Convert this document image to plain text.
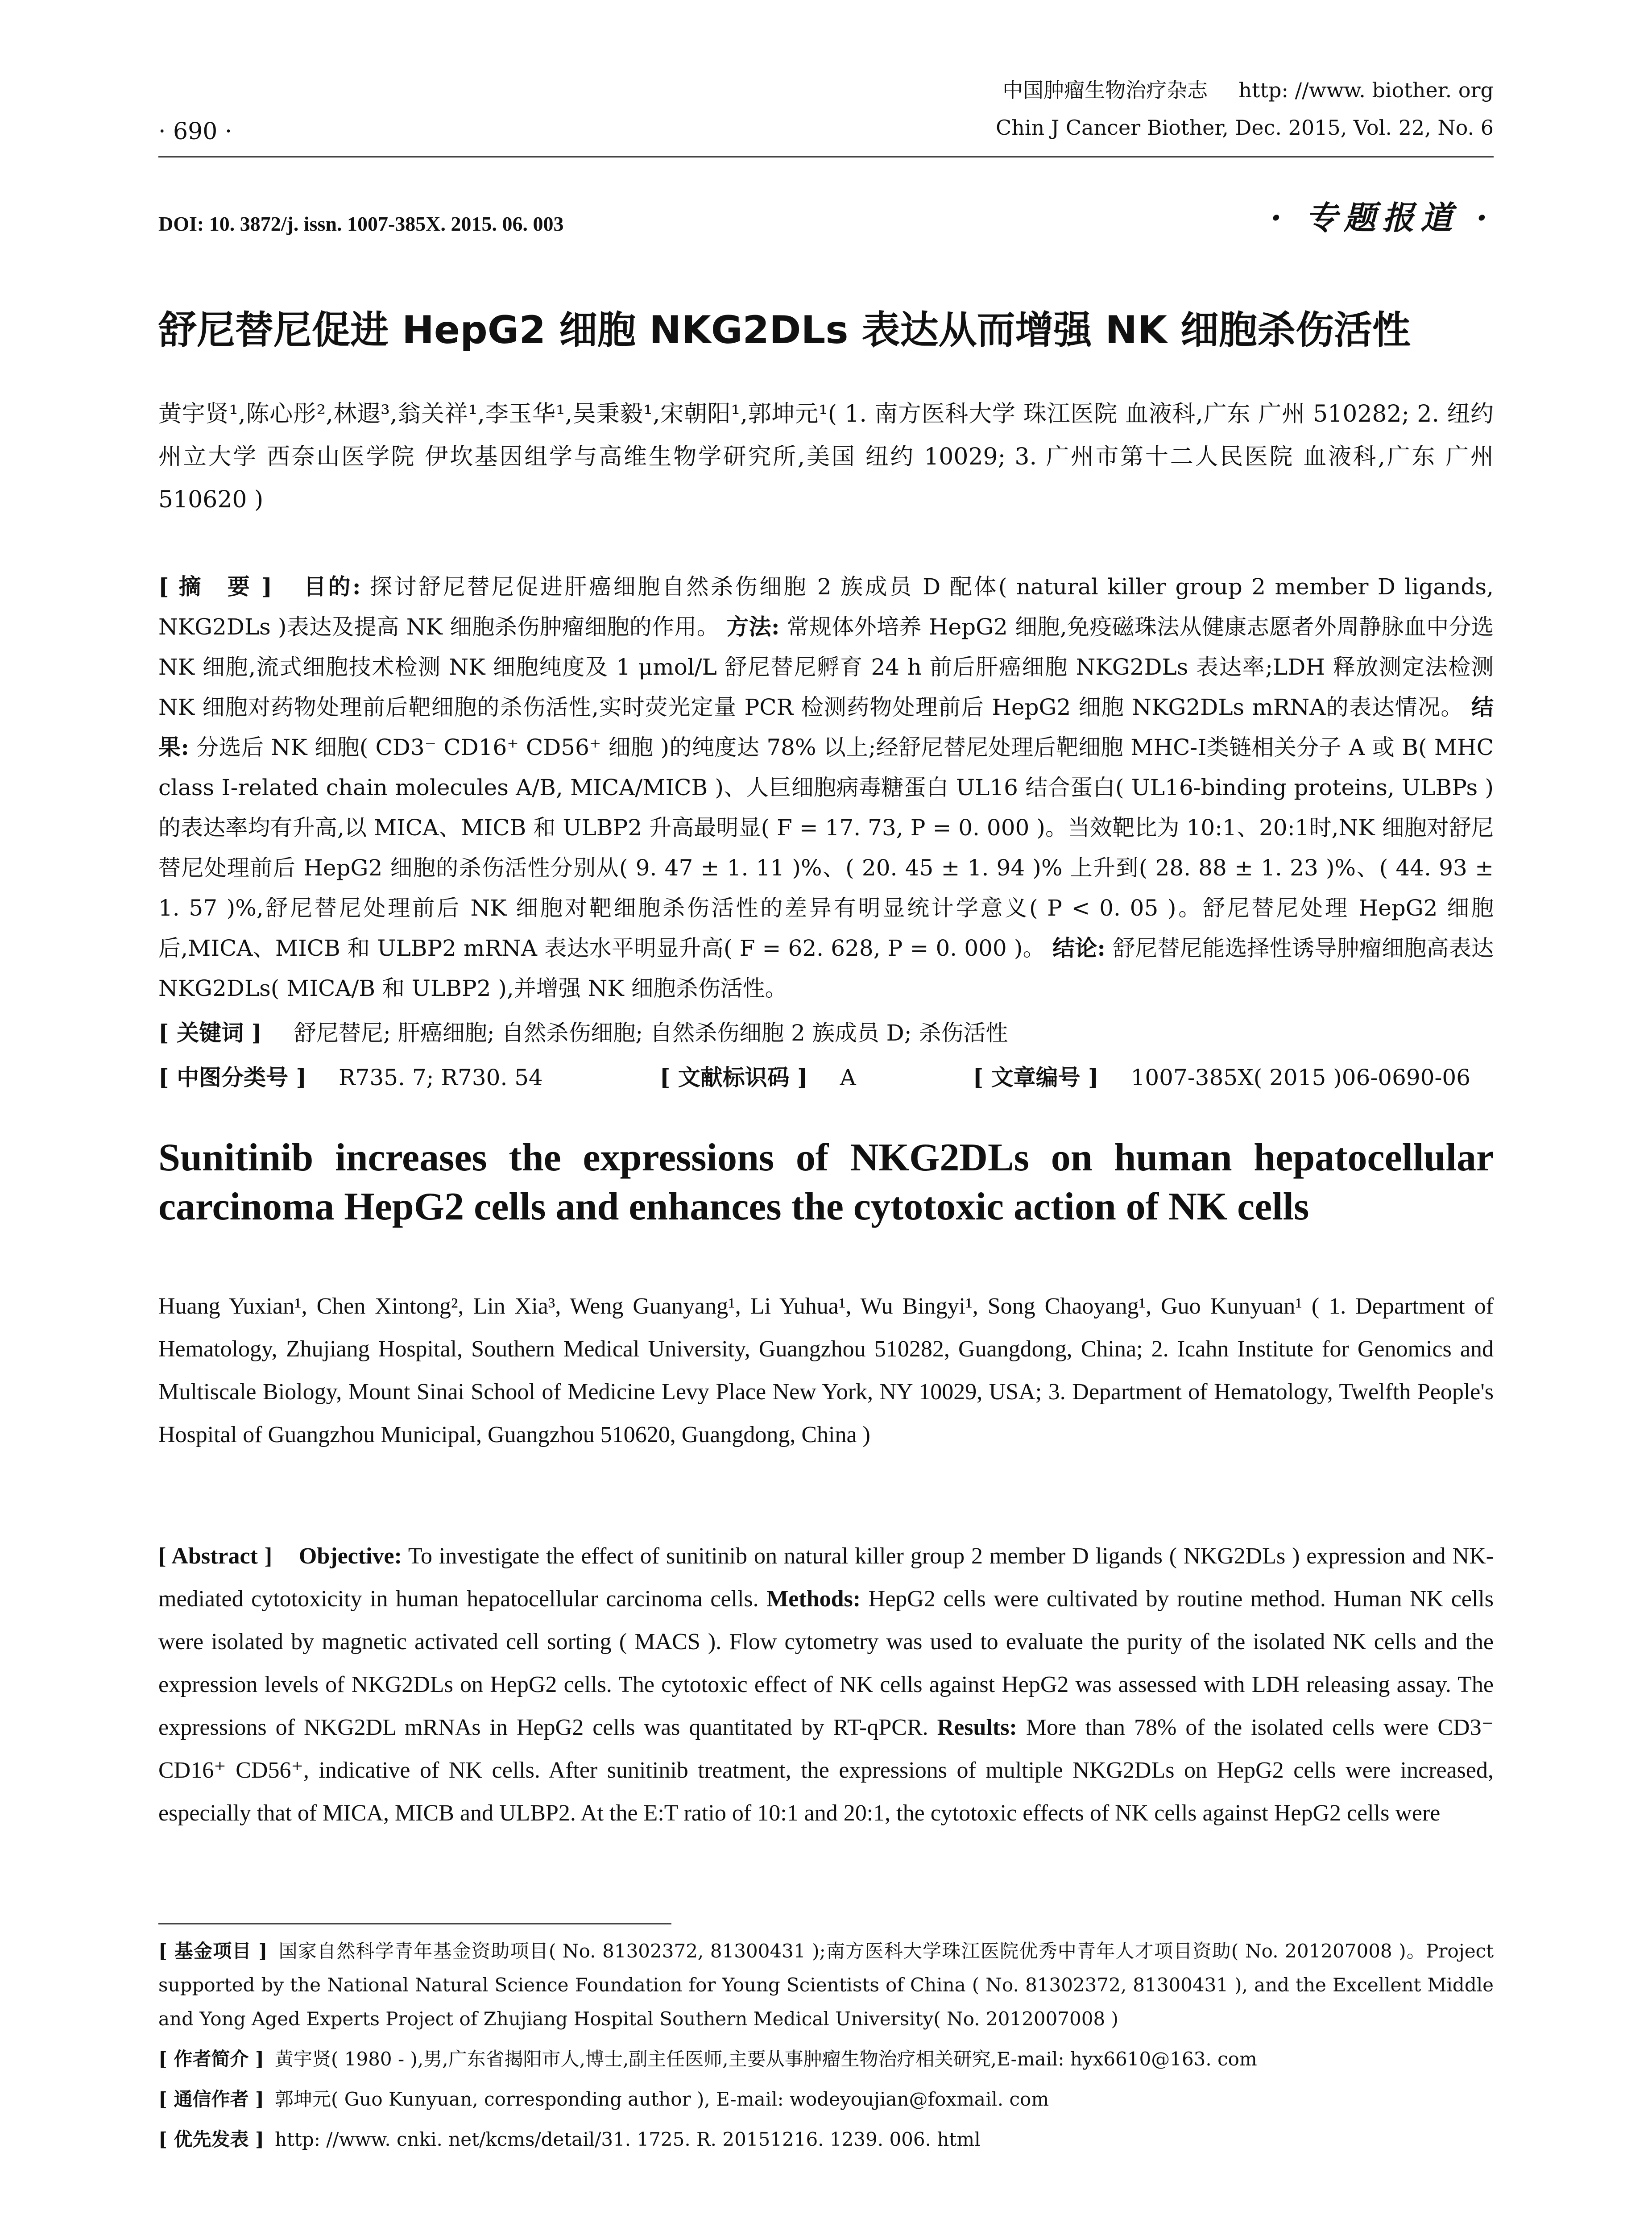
· 690 ·
中国肿瘤生物治疗杂志 http: //www. biother. org
Chin J Cancer Biother, Dec. 2015, Vol. 22, No. 6
DOI: 10. 3872/j. issn. 1007-385X. 2015. 06. 003	· 专题报道 ·
舒尼替尼促进 HepG2 细胞 NKG2DLs 表达从而增强 NK 细胞杀伤活性
黄宇贤¹,陈心彤²,林遐³,翁关祥¹,李玉华¹,吴秉毅¹,宋朝阳¹,郭坤元¹( 1. 南方医科大学 珠江医院 血液科,广东 广州 510282; 2. 纽约州立大学 西奈山医学院 伊坎基因组学与高维生物学研究所,美国 纽约 10029; 3. 广州市第十二人民医院 血液科,广东 广州 510620 )
[ 摘　要 ] 目的: 探讨舒尼替尼促进肝癌细胞自然杀伤细胞 2 族成员 D 配体( natural killer group 2 member D ligands, NKG2DLs )表达及提高 NK 细胞杀伤肿瘤细胞的作用。 方法: 常规体外培养 HepG2 细胞,免疫磁珠法从健康志愿者外周静脉血中分选 NK 细胞,流式细胞技术检测 NK 细胞纯度及 1 μmol/L 舒尼替尼孵育 24 h 前后肝癌细胞 NKG2DLs 表达率;LDH 释放测定法检测 NK 细胞对药物处理前后靶细胞的杀伤活性,实时荧光定量 PCR 检测药物处理前后 HepG2 细胞 NKG2DLs mRNA的表达情况。 结果: 分选后 NK 细胞( CD3⁻ CD16⁺ CD56⁺ 细胞 )的纯度达 78% 以上;经舒尼替尼处理后靶细胞 MHC-Ⅰ类链相关分子 A 或 B( MHC class Ⅰ-related chain molecules A/B, MICA/MICB )、人巨细胞病毒糖蛋白 UL16 结合蛋白( UL16-binding proteins, ULBPs )的表达率均有升高,以 MICA、MICB 和 ULBP2 升高最明显( F = 17. 73, P = 0. 000 )。当效靶比为 10:1、20:1时,NK 细胞对舒尼替尼处理前后 HepG2 细胞的杀伤活性分别从( 9. 47 ± 1. 11 )%、( 20. 45 ± 1. 94 )% 上升到( 28. 88 ± 1. 23 )%、( 44. 93 ± 1. 57 )%,舒尼替尼处理前后 NK 细胞对靶细胞杀伤活性的差异有明显统计学意义( P < 0. 05 )。舒尼替尼处理 HepG2 细胞后,MICA、MICB 和 ULBP2 mRNA 表达水平明显升高( F = 62. 628, P = 0. 000 )。 结论: 舒尼替尼能选择性诱导肿瘤细胞高表达 NKG2DLs( MICA/B 和 ULBP2 ),并增强 NK 细胞杀伤活性。
[ 关键词 ] 舒尼替尼; 肝癌细胞; 自然杀伤细胞; 自然杀伤细胞 2 族成员 D; 杀伤活性
[ 中图分类号 ] R735. 7; R730. 54	[ 文献标识码 ] A	[ 文章编号 ] 1007-385X( 2015 )06-0690-06
Sunitinib increases the expressions of NKG2DLs on human hepatocellular carcinoma HepG2 cells and enhances the cytotoxic action of NK cells
Huang Yuxian¹, Chen Xintong², Lin Xia³, Weng Guanyang¹, Li Yuhua¹, Wu Bingyi¹, Song Chaoyang¹, Guo Kunyuan¹ ( 1. Department of Hematology, Zhujiang Hospital, Southern Medical University, Guangzhou 510282, Guangdong, China; 2. Icahn Institute for Genomics and Multiscale Biology, Mount Sinai School of Medicine Levy Place New York, NY 10029, USA; 3. Department of Hematology, Twelfth People's Hospital of Guangzhou Municipal, Guangzhou 510620, Guangdong, China )
[ Abstract ] Objective: To investigate the effect of sunitinib on natural killer group 2 member D ligands ( NKG2DLs ) expression and NK-mediated cytotoxicity in human hepatocellular carcinoma cells. Methods: HepG2 cells were cultivated by routine method. Human NK cells were isolated by magnetic activated cell sorting ( MACS ). Flow cytometry was used to evaluate the purity of the isolated NK cells and the expression levels of NKG2DLs on HepG2 cells. The cytotoxic effect of NK cells against HepG2 was assessed with LDH releasing assay. The expressions of NKG2DL mRNAs in HepG2 cells was quantitated by RT-qPCR. Results: More than 78% of the isolated cells were CD3⁻ CD16⁺ CD56⁺, indicative of NK cells. After sunitinib treatment, the expressions of multiple NKG2DLs on HepG2 cells were increased, especially that of MICA, MICB and ULBP2. At the E:T ratio of 10:1 and 20:1, the cytotoxic effects of NK cells against HepG2 cells were
[ 基金项目 ] 国家自然科学青年基金资助项目( No. 81302372, 81300431 );南方医科大学珠江医院优秀中青年人才项目资助( No. 201207008 )。Project supported by the National Natural Science Foundation for Young Scientists of China ( No. 81302372, 81300431 ), and the Excellent Middle and Yong Aged Experts Project of Zhujiang Hospital Southern Medical University( No. 2012007008 )
[ 作者简介 ] 黄宇贤( 1980 - ),男,广东省揭阳市人,博士,副主任医师,主要从事肿瘤生物治疗相关研究,E-mail: hyx6610@163. com
[ 通信作者 ] 郭坤元( Guo Kunyuan, corresponding author ), E-mail: wodeyoujian@foxmail. com
[ 优先发表 ] http: //www. cnki. net/kcms/detail/31. 1725. R. 20151216. 1239. 006. html
